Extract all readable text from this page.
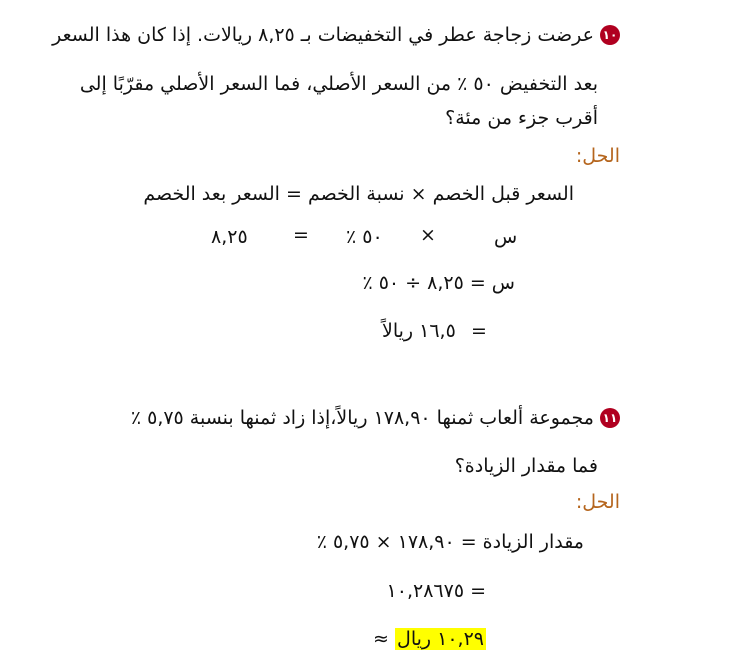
١٠عرضت زجاجة عطر في التخفيضات بـ ٨,٢٥ ريالات. إذا كان هذا السعر
بعد التخفيض ٥٠ ٪ من السعر الأصلي، فما السعر الأصلي مقرّبًا إلى
أقرب جزء من مئة؟
الحل:
السعر قبل الخصم × نسبة الخصم = السعر بعد الخصم
س
×
٥٠ ٪
=
٨,٢٥
س = ٨,٢٥ ÷ ٥٠ ٪
=
١٦,٥ ريالاً
١١مجموعة ألعاب ثمنها ١٧٨,٩٠ ريالاً،إذا زاد ثمنها بنسبة ٥,٧٥ ٪
فما مقدار الزيادة؟
الحل:
مقدار الزيادة = ١٧٨,٩٠ × ٥,٧٥ ٪
= ١٠,٢٨٦٧٥
١٠,٢٩ ريال ≈
